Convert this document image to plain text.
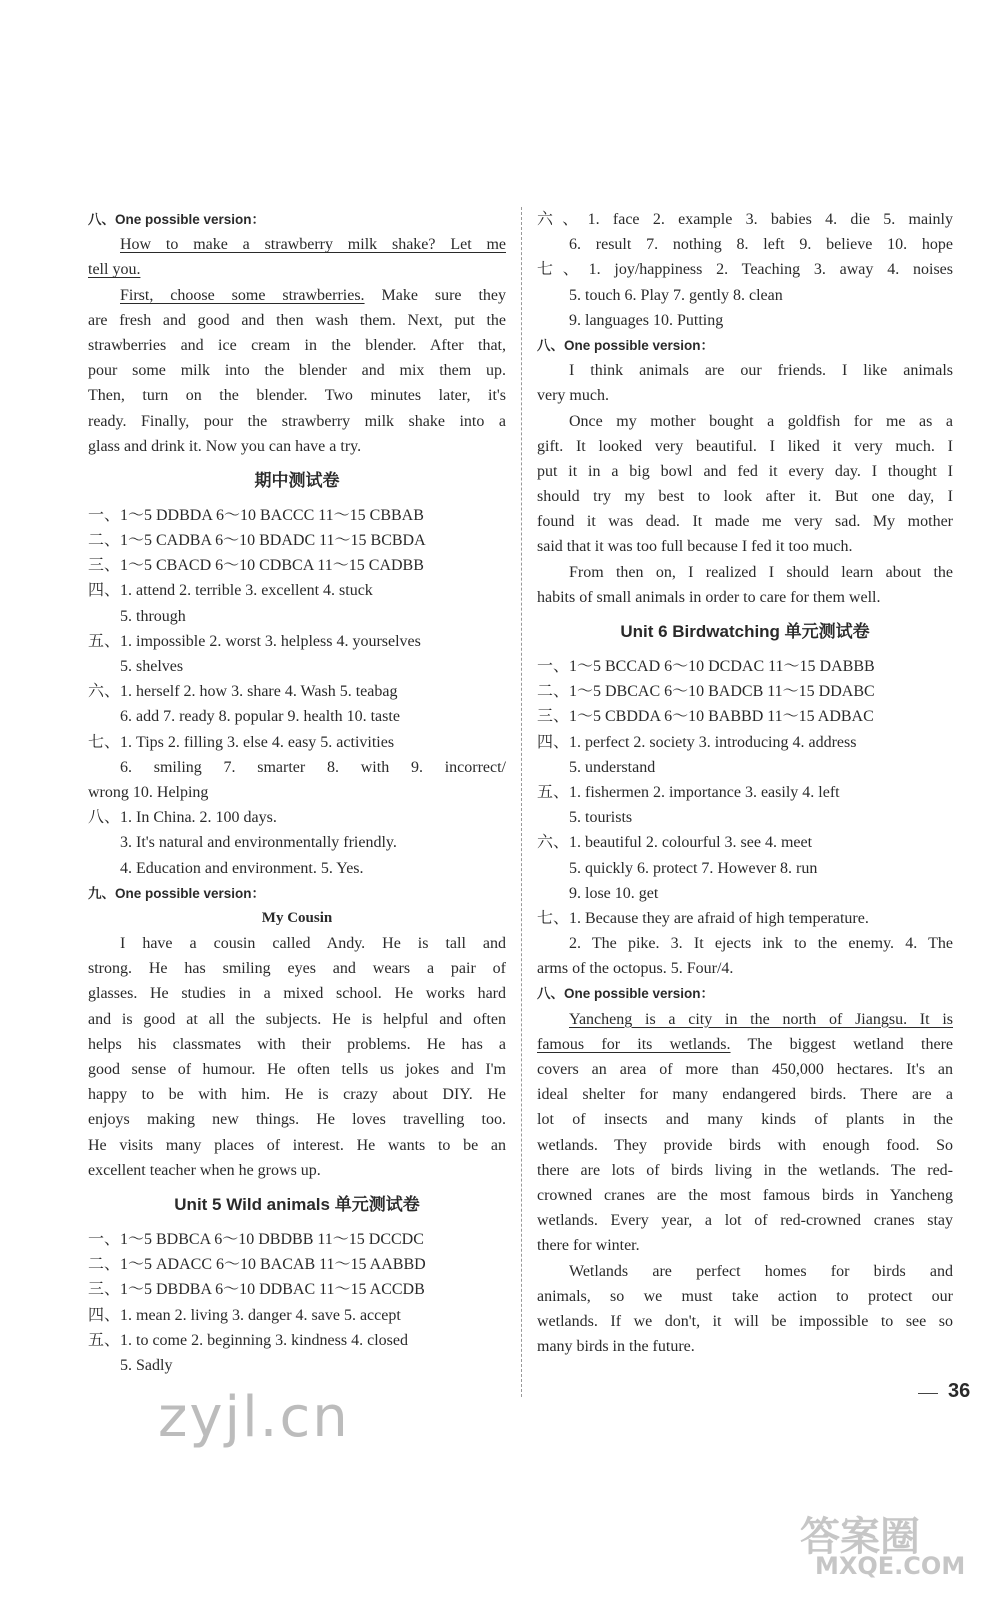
八、One possible version：
How to make a strawberry milk shake? Let me
tell you.
First, choose some strawberries. Make sure they
are fresh and good and then wash them. Next, put the
strawberries and ice cream in the blender. After that,
pour some milk into the blender and mix them up.
Then, turn on the blender. Two minutes later, it's
ready. Finally, pour the strawberry milk shake into a
glass and drink it. Now you can have a try.
期中测试卷
一、1～5 DDBDA 6～10 BACCC 11～15 CBBAB
二、1～5 CADBA 6～10 BDADC 11～15 BCBDA
三、1～5 CBACD 6～10 CDBCA 11～15 CADBB
四、1. attend 2. terrible 3. excellent 4. stuck
5. through
五、1. impossible 2. worst 3. helpless 4. yourselves
5. shelves
六、1. herself 2. how 3. share 4. Wash 5. teabag
6. add 7. ready 8. popular 9. health 10. taste
七、1. Tips 2. filling 3. else 4. easy 5. activities
6. smiling 7. smarter 8. with 9. incorrect/
wrong 10. Helping
八、1. In China. 2. 100 days.
3. It's natural and environmentally friendly.
4. Education and environment. 5. Yes.
九、One possible version：
My Cousin
I have a cousin called Andy. He is tall and
strong. He has smiling eyes and wears a pair of
glasses. He studies in a mixed school. He works hard
and is good at all the subjects. He is helpful and often
helps his classmates with their problems. He has a
good sense of humour. He often tells us jokes and I'm
happy to be with him. He is crazy about DIY. He
enjoys making new things. He loves travelling too.
He visits many places of interest. He wants to be an
excellent teacher when he grows up.
Unit 5 Wild animals 单元测试卷
一、1～5 BDBCA 6～10 DBDBB 11～15 DCCDC
二、1～5 ADACC 6～10 BACAB 11～15 AABBD
三、1～5 DBDBA 6～10 DDBAC 11～15 ACCDB
四、1. mean 2. living 3. danger 4. save 5. accept
五、1. to come 2. beginning 3. kindness 4. closed
5. Sadly
六、1. face 2. example 3. babies 4. die 5. mainly
6. result 7. nothing 8. left 9. believe 10. hope
七、1. joy/happiness 2. Teaching 3. away 4. noises
5. touch 6. Play 7. gently 8. clean
9. languages 10. Putting
八、One possible version：
I think animals are our friends. I like animals
very much.
Once my mother bought a goldfish for me as a
gift. It looked very beautiful. I liked it very much. I
put it in a big bowl and fed it every day. I thought I
should try my best to look after it. But one day, I
found it was dead. It made me very sad. My mother
said that it was too full because I fed it too much.
From then on, I realized I should learn about the
habits of small animals in order to care for them well.
Unit 6 Birdwatching 单元测试卷
一、1～5 BCCAD 6～10 DCDAC 11～15 DABBB
二、1～5 DBCAC 6～10 BADCB 11～15 DDABC
三、1～5 CBDDA 6～10 BABBD 11～15 ADBAC
四、1. perfect 2. society 3. introducing 4. address
5. understand
五、1. fishermen 2. importance 3. easily 4. left
5. tourists
六、1. beautiful 2. colourful 3. see 4. meet
5. quickly 6. protect 7. However 8. run
9. lose 10. get
七、1. Because they are afraid of high temperature.
2. The pike. 3. It ejects ink to the enemy. 4. The
arms of the octopus. 5. Four/4.
八、One possible version：
Yancheng is a city in the north of Jiangsu. It is
famous for its wetlands. The biggest wetland there
covers an area of more than 450,000 hectares. It's an
ideal shelter for many endangered birds. There are a
lot of insects and many kinds of plants in the
wetlands. They provide birds with enough food. So
there are lots of birds living in the wetlands. The red-
crowned cranes are the most famous birds in Yancheng
wetlands. Every year, a lot of red-crowned cranes stay
there for winter.
Wetlands are perfect homes for birds and
animals, so we must take action to protect our
wetlands. If we don't, it will be impossible to see so
many birds in the future.
36
zyjl.cn
答案圈
MXQE.COM
